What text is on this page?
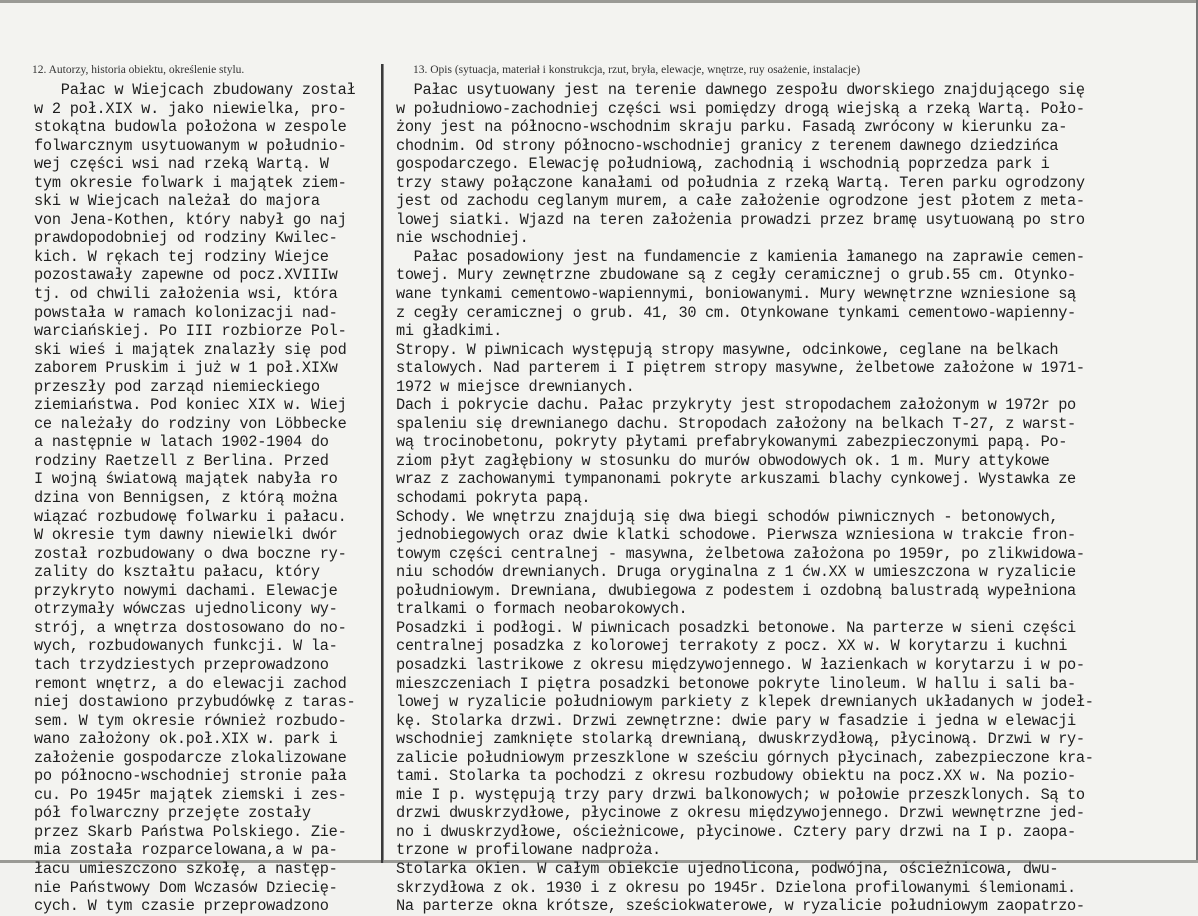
12. Autorzy, historia obiektu, określenie stylu.	13. Opis (sytuacja, materiał i konstrukcja, rzut, bryła, elewacje, wnętrze, ruy osażenie, instalacje)
Pałac w Wiejcach zbudowany został
w 2 poł.XIX w. jako niewielka, pro-
stokątna budowla położona w zespole
folwarcznym usytuowanym w południo-
wej części wsi nad rzeką Wartą. W
tym okresie folwark i majątek ziem-
ski w Wiejcach należał do majora
von Jena-Kothen, który nabył go naj
prawdopodobniej od rodziny Kwilec-
kich. W rękach tej rodziny Wiejce
pozostawały zapewne od pocz.XVIIIw
tj. od chwili założenia wsi, która
powstała w ramach kolonizacji nad-
warciańskiej. Po III rozbiorze Pol-
ski wieś i majątek znalazły się pod
zaborem Pruskim i już w 1 poł.XIXw
przeszły pod zarząd niemieckiego
ziemiaństwa. Pod koniec XIX w. Wiej
ce należały do rodziny von Löbbecke
a następnie w latach 1902-1904 do
rodziny Raetzell z Berlina. Przed
I wojną światową majątek nabyła ro
dzina von Bennigsen, z którą można
wiązać rozbudowę folwarku i pałacu.
W okresie tym dawny niewielki dwór
został rozbudowany o dwa boczne ry-
zality do kształtu pałacu, który
przykryto nowymi dachami. Elewacje
otrzymały wówczas ujednolicony wy-
strój, a wnętrza dostosowano do no-
wych, rozbudowanych funkcji. W la-
tach trzydziestych przeprowadzono
remont wnętrz, a do elewacji zachod
niej dostawiono przybudówkę z taras-
sem. W tym okresie również rozbudo-
wano założony ok.poł.XIX w. park i
założenie gospodarcze zlokalizowane
po północno-wschodniej stronie pała
cu. Po 1945r majątek ziemski i zes-
pół folwarczny przejęte zostały
przez Skarb Państwa Polskiego. Zie-
mia została rozparcelowana,a w pa-
łacu umieszczono szkołę, a następ-
nie Państwowy Dom Wczasów Dziecię-
cych. W tym czasie przeprowadzono
Pałac usytuowany jest na terenie dawnego zespołu dworskiego znajdującego się
w południowo-zachodniej części wsi pomiędzy drogą wiejską a rzeką Wartą. Poło-
żony jest na północno-wschodnim skraju parku. Fasadą zwrócony w kierunku za-
chodnim. Od strony północno-wschodniej granicy z terenem dawnego dziedzińca
gospodarczego. Elewację południową, zachodnią i wschodnią poprzedza park i
trzy stawy połączone kanałami od południa z rzeką Wartą. Teren parku ogrodzony
jest od zachodu ceglanym murem, a całe założenie ogrodzone jest płotem z meta-
lowej siatki. Wjazd na teren założenia prowadzi przez bramę usytuowaną po stro
nie wschodniej.
Pałac posadowiony jest na fundamencie z kamienia łamanego na zaprawie cemen-
towej. Mury zewnętrzne zbudowane są z cegły ceramicznej o grub.55 cm. Otynko-
wane tynkami cementowo-wapiennymi, boniowanymi. Mury wewnętrzne wzniesione są
z cegły ceramicznej o grub. 41, 30 cm. Otynkowane tynkami cementowo-wapienny-
mi gładkimi.
Stropy. W piwnicach występują stropy masywne, odcinkowe, ceglane na belkach
stalowych. Nad parterem i I piętrem stropy masywne, żelbetowe założone w 1971-
1972 w miejsce drewnianych.
Dach i pokrycie dachu. Pałac przykryty jest stropodachem założonym w 1972r po
spaleniu się drewnianego dachu. Stropodach założony na belkach T-27, z warst-
wą trocinobetonu, pokryty płytami prefabrykowanymi zabezpieczonymi papą. Po-
ziom płyt zagłębiony w stosunku do murów obwodowych ok. 1 m. Mury attykowe
wraz z zachowanymi tympanonami pokryte arkuszami blachy cynkowej. Wystawka ze
schodami pokryta papą.
Schody. We wnętrzu znajdują się dwa biegi schodów piwnicznych - betonowych,
jednobiegowych oraz dwie klatki schodowe. Pierwsza wzniesiona w trakcie fron-
towym części centralnej - masywna, żelbetowa założona po 1959r, po zlikwidowa-
niu schodów drewnianych. Druga oryginalna z 1 ćw.XX w umieszczona w ryzalicie
południowym. Drewniana, dwubiegowa z podestem i ozdobną balustradą wypełniona
tralkami o formach neobarokowych.
Posadzki i podłogi. W piwnicach posadzki betonowe. Na parterze w sieni części
centralnej posadzka z kolorowej terrakoty z pocz. XX w. W korytarzu i kuchni
posadzki lastrikowe z okresu międzywojennego. W łazienkach w korytarzu i w po-
mieszczeniach I piętra posadzki betonowe pokryte linoleum. W hallu i sali ba-
lowej w ryzalicie południowym parkiety z klepek drewnianych układanych w jodeł-
kę. Stolarka drzwi. Drzwi zewnętrzne: dwie pary w fasadzie i jedna w elewacji
wschodniej zamknięte stolarką drewnianą, dwuskrzydłową, płycinową. Drzwi w ry-
zalicie południowym przeszklone w sześciu górnych płycinach, zabezpieczone kra-
tami. Stolarka ta pochodzi z okresu rozbudowy obiektu na pocz.XX w. Na pozio-
mie I p. występują trzy pary drzwi balkonowych; w połowie przeszklonych. Są to
drzwi dwuskrzydłowe, płycinowe z okresu międzywojennego. Drzwi wewnętrzne jed-
no i dwuskrzydłowe, ościeżnicowe, płycinowe. Cztery pary drzwi na I p. zaopa-
trzone w profilowane nadproża.
Stolarka okien. W całym obiekcie ujednolicona, podwójna, ościeżnicowa, dwu-
skrzydłowa z ok. 1930 i z okresu po 1945r. Dzielona profilowanymi ślemionami.
Na parterze okna krótsze, sześciokwaterowe, w ryzalicie południowym zaopatrzo-
